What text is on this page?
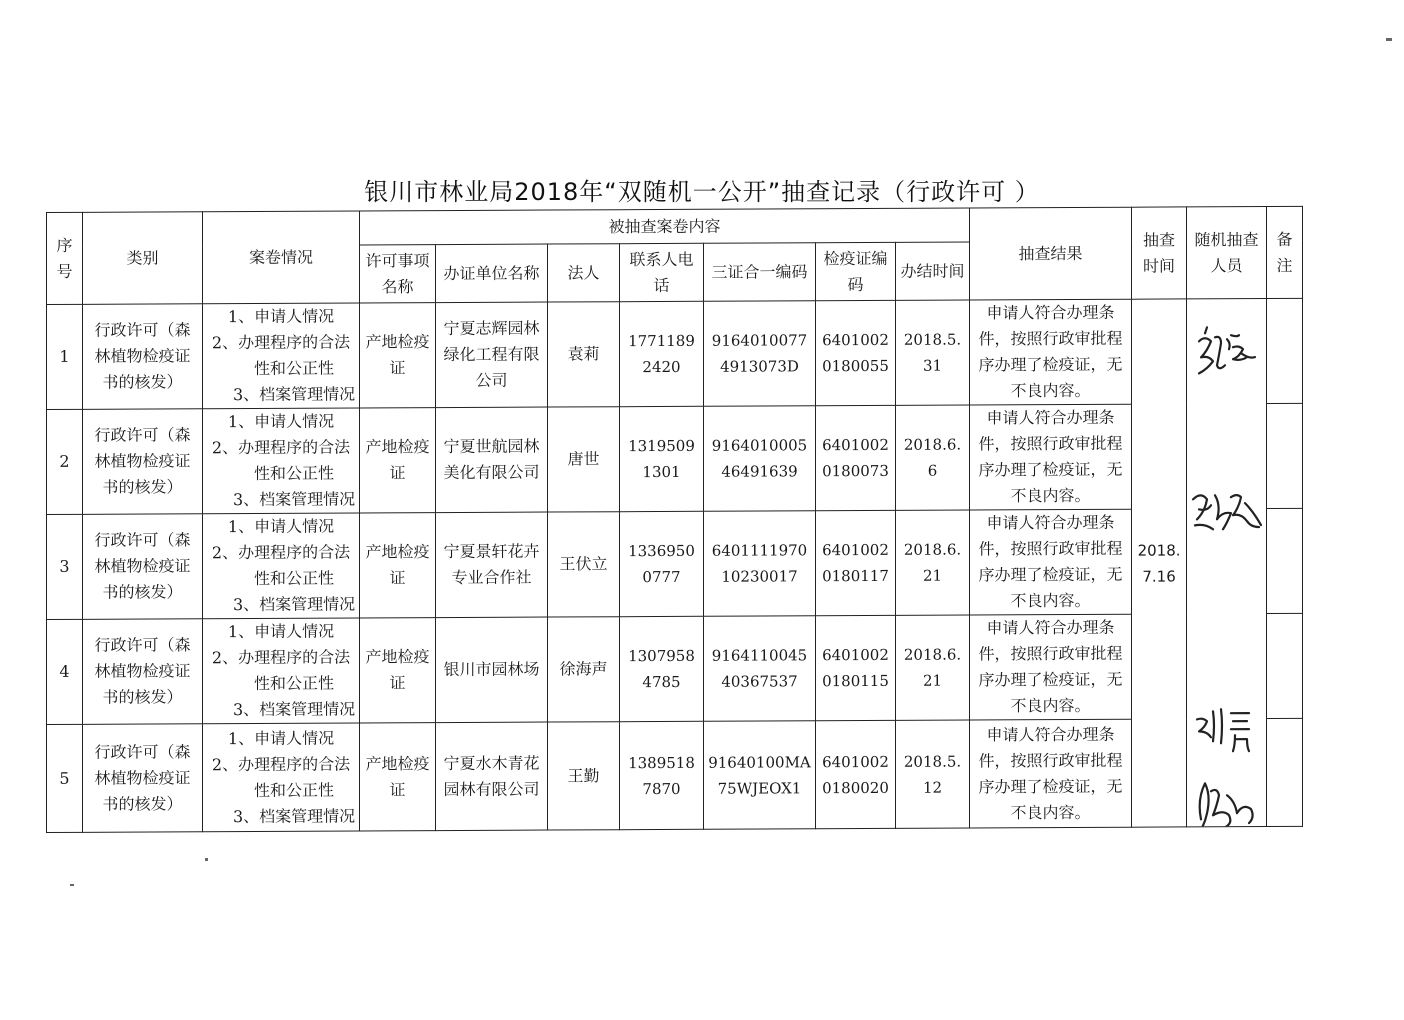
银川市林业局2018年“双随机一公开”抽查记录（行政许可 ）
序号	类别	案卷情况	被抽查案卷内容							抽查结果	抽查时间	随机抽查人员	备注
			许可事项名称	办证单位名称	法人	联系人电话	三证合一编码	检疫证编码	办结时间				
1	行政许可（森林植物检疫证书的核发）	1、申请人情况
2、办理程序的合法
性和公正性
3、档案管理情况	产地检疫证	宁夏志辉园林绿化工程有限公司	袁莉	17711892420	91640100774913073D	64010020180055	2018.5.31	申请人符合办理条件，按照行政审批程序办理了检疫证，无不良内容。	2018.7.16	

2	行政许可（森林植物检疫证书的核发）	1、申请人情况
2、办理程序的合法
性和公正性
3、档案管理情况	产地检疫证	宁夏世航园林美化有限公司	唐世	13195091301	916401000546491639	64010020180073	2018.6.6	申请人符合办理条件，按照行政审批程序办理了检疫证，无不良内容。			
3	行政许可（森林植物检疫证书的核发）	1、申请人情况
2、办理程序的合法
性和公正性
3、档案管理情况	产地检疫证	宁夏景轩花卉专业合作社	王伏立	13369500777	640111197010230017	64010020180117	2018.6.21	申请人符合办理条件，按照行政审批程序办理了检疫证，无不良内容。			
4	行政许可（森林植物检疫证书的核发）	1、申请人情况
2、办理程序的合法
性和公正性
3、档案管理情况	产地检疫证	银川市园林场	徐海声	13079584785	916411004540367537	64010020180115	2018.6.21	申请人符合办理条件，按照行政审批程序办理了检疫证，无不良内容。			
5	行政许可（森林植物检疫证书的核发）	1、申请人情况
2、办理程序的合法
性和公正性
3、档案管理情况	产地检疫证	宁夏水木青花园林有限公司	王勤	13895187870	91640100MA75WJEOX1	64010020180020	2018.5.12	申请人符合办理条件，按照行政审批程序办理了检疫证，无不良内容。			
